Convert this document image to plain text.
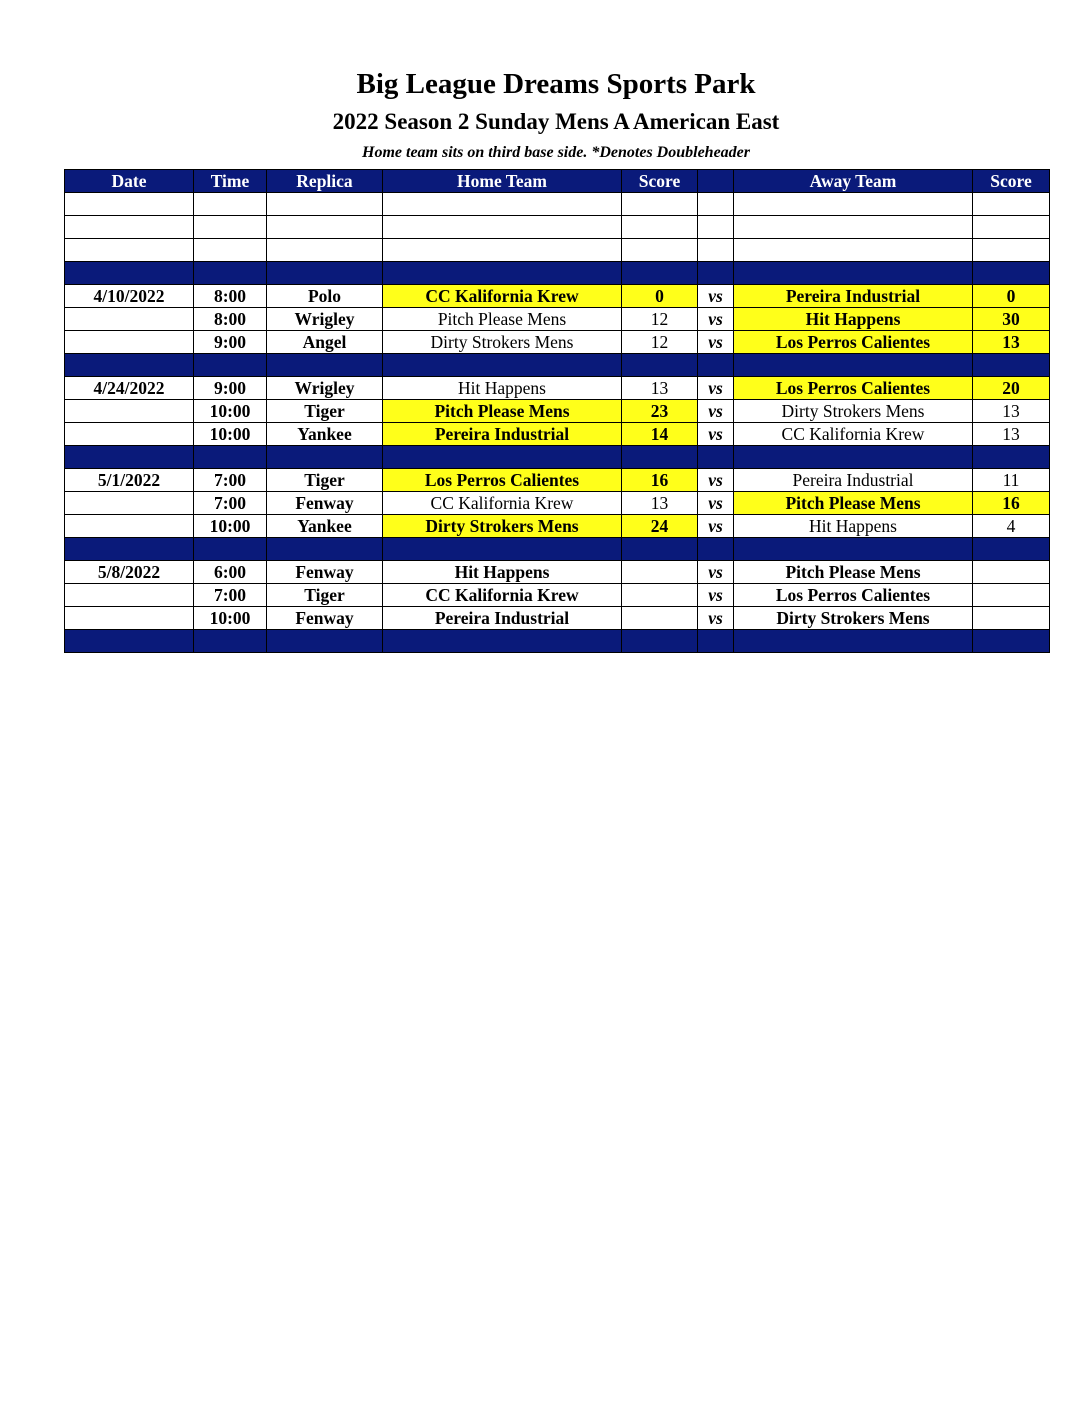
Big League Dreams Sports Park
2022 Season 2 Sunday Mens A American East
Home team sits on third base side. *Denotes Doubleheader
Date	Time	Replica	Home Team	Score		Away Team	Score

4/10/2022	8:00	Polo	CC Kalifornia Krew	0	vs	Pereira Industrial	0
	8:00	Wrigley	Pitch Please Mens	12	vs	Hit Happens	30
	9:00	Angel	Dirty Strokers Mens	12	vs	Los Perros Calientes	13

4/24/2022	9:00	Wrigley	Hit Happens	13	vs	Los Perros Calientes	20
	10:00	Tiger	Pitch Please Mens	23	vs	Dirty Strokers Mens	13
	10:00	Yankee	Pereira Industrial	14	vs	CC Kalifornia Krew	13

5/1/2022	7:00	Tiger	Los Perros Calientes	16	vs	Pereira Industrial	11
	7:00	Fenway	CC Kalifornia Krew	13	vs	Pitch Please Mens	16
	10:00	Yankee	Dirty Strokers Mens	24	vs	Hit Happens	4

5/8/2022	6:00	Fenway	Hit Happens		vs	Pitch Please Mens	
	7:00	Tiger	CC Kalifornia Krew		vs	Los Perros Calientes	
	10:00	Fenway	Pereira Industrial		vs	Dirty Strokers Mens	
